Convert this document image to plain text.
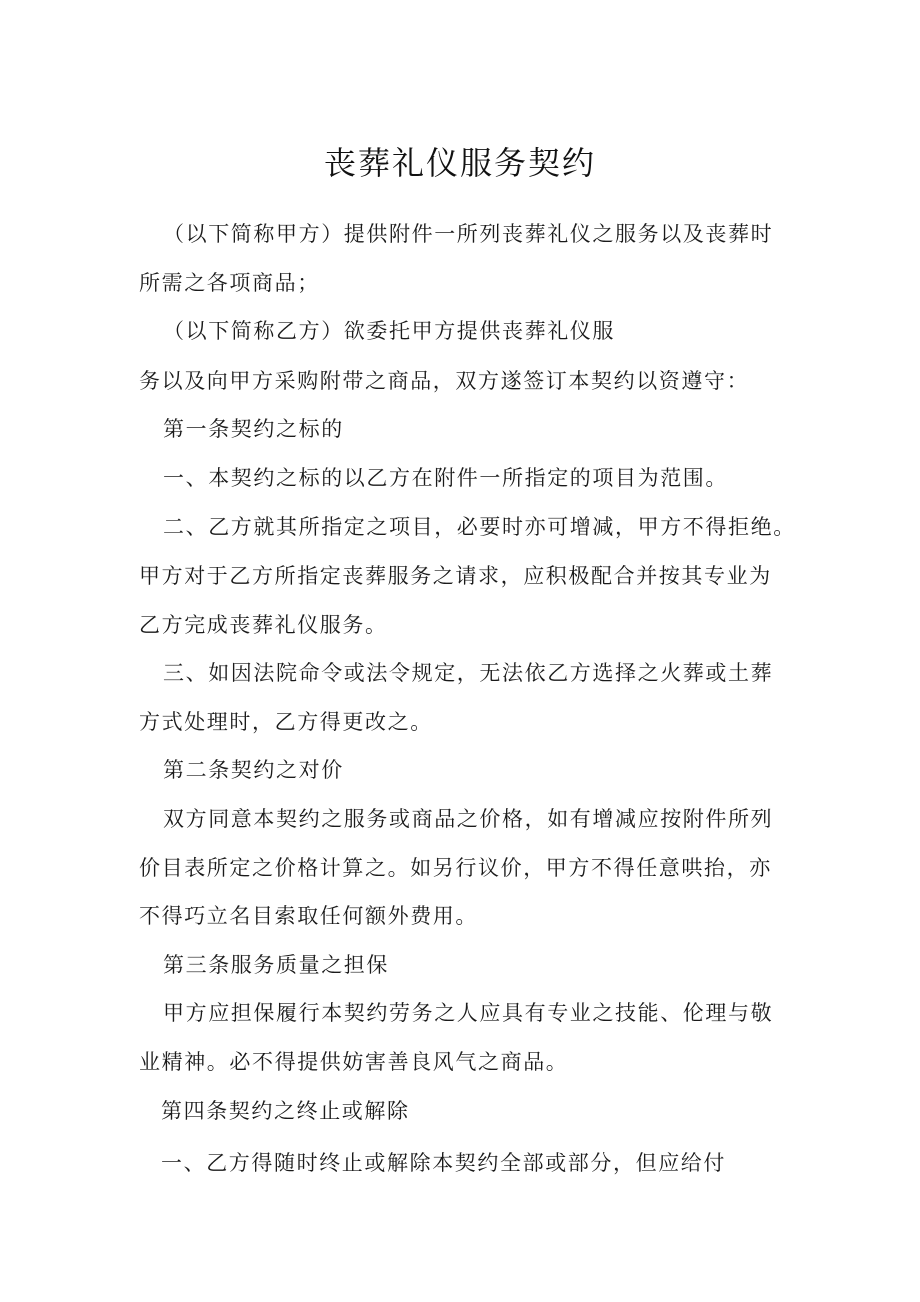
丧葬礼仪服务契约
（以下简称甲方）提供附件一所列丧葬礼仪之服务以及丧葬时
所需之各项商品；
（以下简称乙方）欲委托甲方提供丧葬礼仪服
务以及向甲方采购附带之商品，双方遂签订本契约以资遵守：
第一条契约之标的
一、本契约之标的以乙方在附件一所指定的项目为范围。
二、乙方就其所指定之项目，必要时亦可增减，甲方不得拒绝。
甲方对于乙方所指定丧葬服务之请求，应积极配合并按其专业为
乙方完成丧葬礼仪服务。
三、如因法院命令或法令规定，无法依乙方选择之火葬或土葬
方式处理时，乙方得更改之。
第二条契约之对价
双方同意本契约之服务或商品之价格，如有增减应按附件所列
价目表所定之价格计算之。如另行议价，甲方不得任意哄抬，亦
不得巧立名目索取任何额外费用。
第三条服务质量之担保
甲方应担保履行本契约劳务之人应具有专业之技能、伦理与敬
业精神。必不得提供妨害善良风气之商品。
第四条契约之终止或解除
一、乙方得随时终止或解除本契约全部或部分，但应给付
